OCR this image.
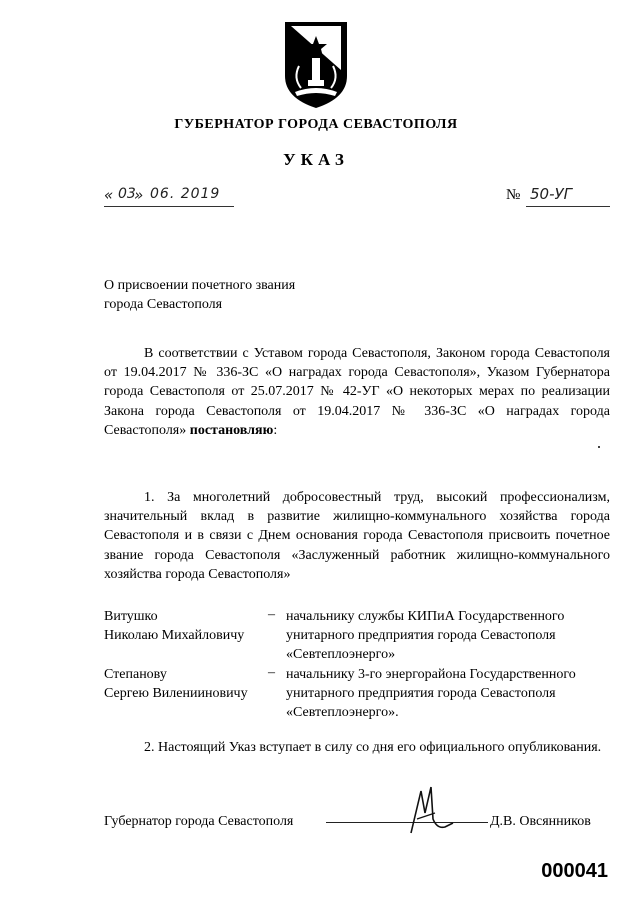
ГУБЕРНАТОР ГОРОДА СЕВАСТОПОЛЯ
УКАЗ
« 03
» 06. 2019	№ 50-УГ
О присвоении почетного звания
города Севастополя
В соответствии с Уставом города Севастополя, Законом города Севастополя от 19.04.2017 № 336-ЗС «О наградах города Севастополя», Указом Губернатора города Севастополя от 25.07.2017 № 42-УГ «О некоторых мерах по реализации Закона города Севастополя от 19.04.2017 № 336-ЗС «О наградах города Севастополя» постановляю:
1. За многолетний добросовестный труд, высокий профессионализм, значительный вклад в развитие жилищно-коммунального хозяйства города Севастополя и в связи с Днем основания города Севастополя присвоить почетное звание города Севастополя «Заслуженный работник жилищно-коммунального хозяйства города Севастополя»
Витушко
Николаю Михайловичу
– начальнику службы КИПиА Государственного унитарного предприятия города Севастополя «Севтеплоэнерго»
Степанову
Сергею Виленииновичу
– начальнику 3-го энергорайона Государственного унитарного предприятия города Севастополя «Севтеплоэнерго».
2. Настоящий Указ вступает в силу со дня его официального опубликования.
Губернатор города Севастополя	Д.В. Овсянников
000041
